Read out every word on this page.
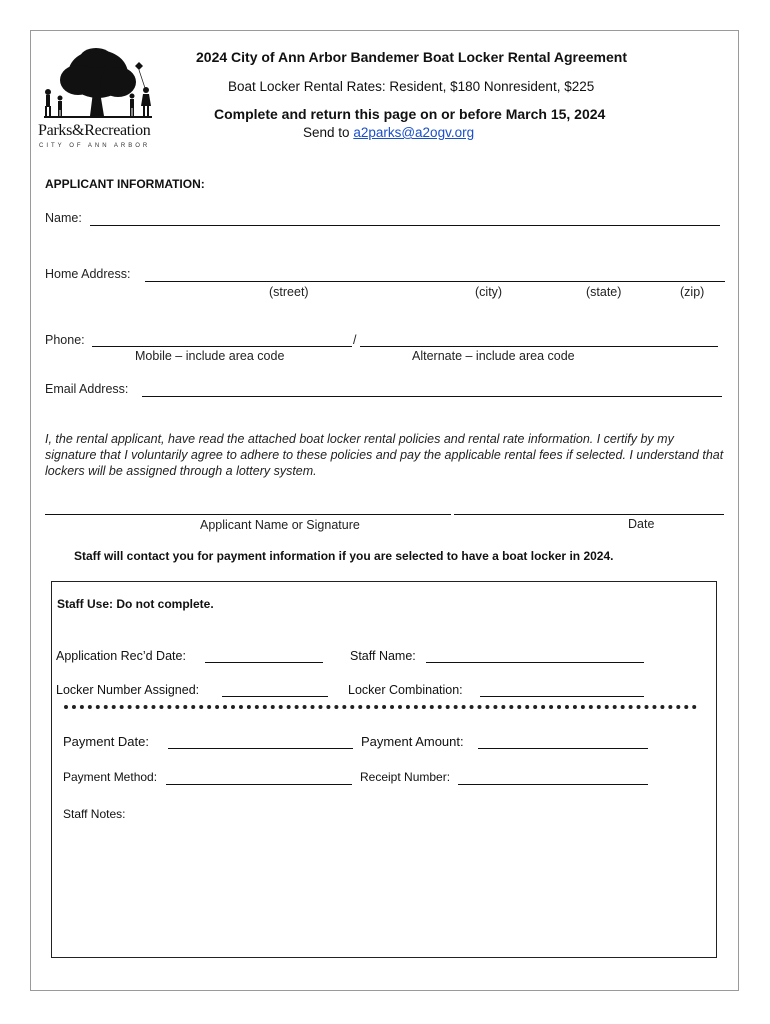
Parks&Recreation
CITY OF ANN ARBOR
2024 City of Ann Arbor Bandemer Boat Locker Rental Agreement
Boat Locker Rental Rates: Resident, $180 Nonresident, $225
Complete and return this page on or before March 15, 2024
Send to a2parks@a2ogv.org
APPLICANT INFORMATION:
Name:
Home Address:
(street)	(city)	(state)	(zip)
Phone:	/
Mobile – include area code	Alternate – include area code
Email Address:
I, the rental applicant, have read the attached boat locker rental policies and rental rate information. I certify by my signature that I voluntarily agree to adhere to these policies and pay the applicable rental fees if selected. I understand that lockers will be assigned through a lottery system.
Applicant Name or Signature	Date
Staff will contact you for payment information if you are selected to have a boat locker in 2024.
Staff Use: Do not complete.
Application Rec’d Date:	Staff Name:
Locker Number Assigned:	Locker Combination:
Payment Date:	Payment Amount:
Payment Method:	Receipt Number:
Staff Notes:
